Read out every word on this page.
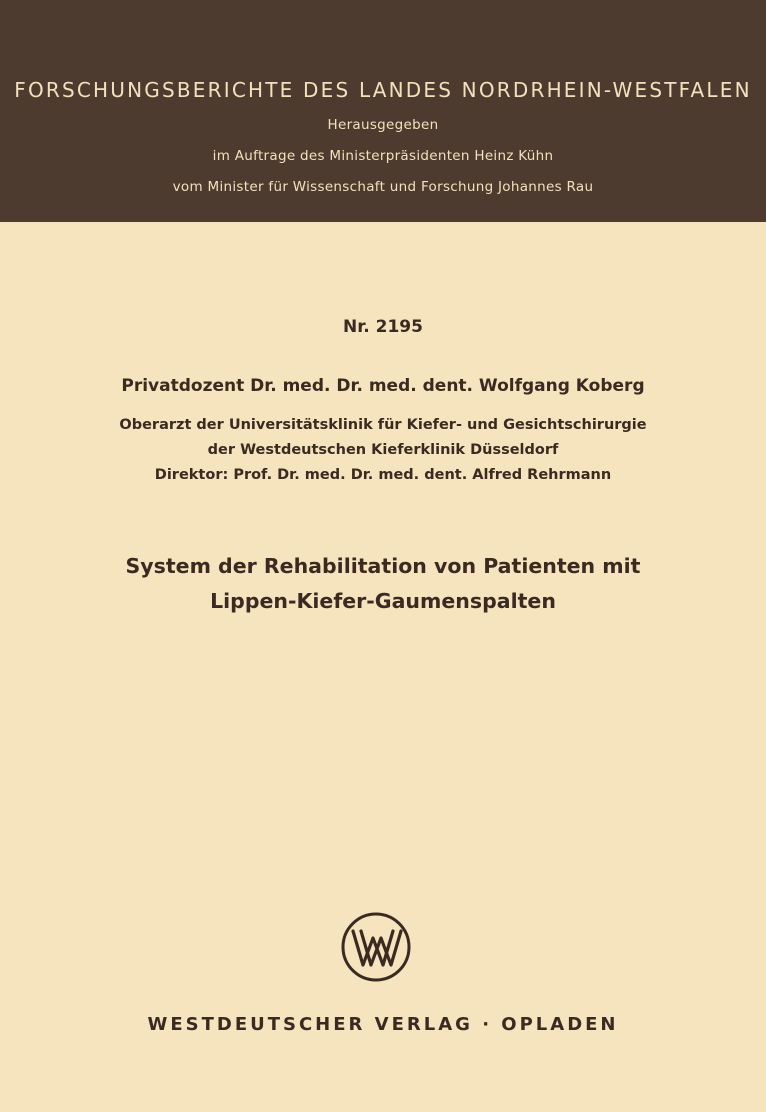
FORSCHUNGSBERICHTE DES LANDES NORDRHEIN-WESTFALEN
Herausgegeben
im Auftrage des Ministerpräsidenten Heinz Kühn
vom Minister für Wissenschaft und Forschung Johannes Rau
Nr. 2195
Privatdozent Dr. med. Dr. med. dent. Wolfgang Koberg
Oberarzt der Universitätsklinik für Kiefer- und Gesichtschirurgie
der Westdeutschen Kieferklinik Düsseldorf
Direktor: Prof. Dr. med. Dr. med. dent. Alfred Rehrmann
System der Rehabilitation von Patienten mit
Lippen-Kiefer-Gaumenspalten
WESTDEUTSCHER VERLAG · OPLADEN
